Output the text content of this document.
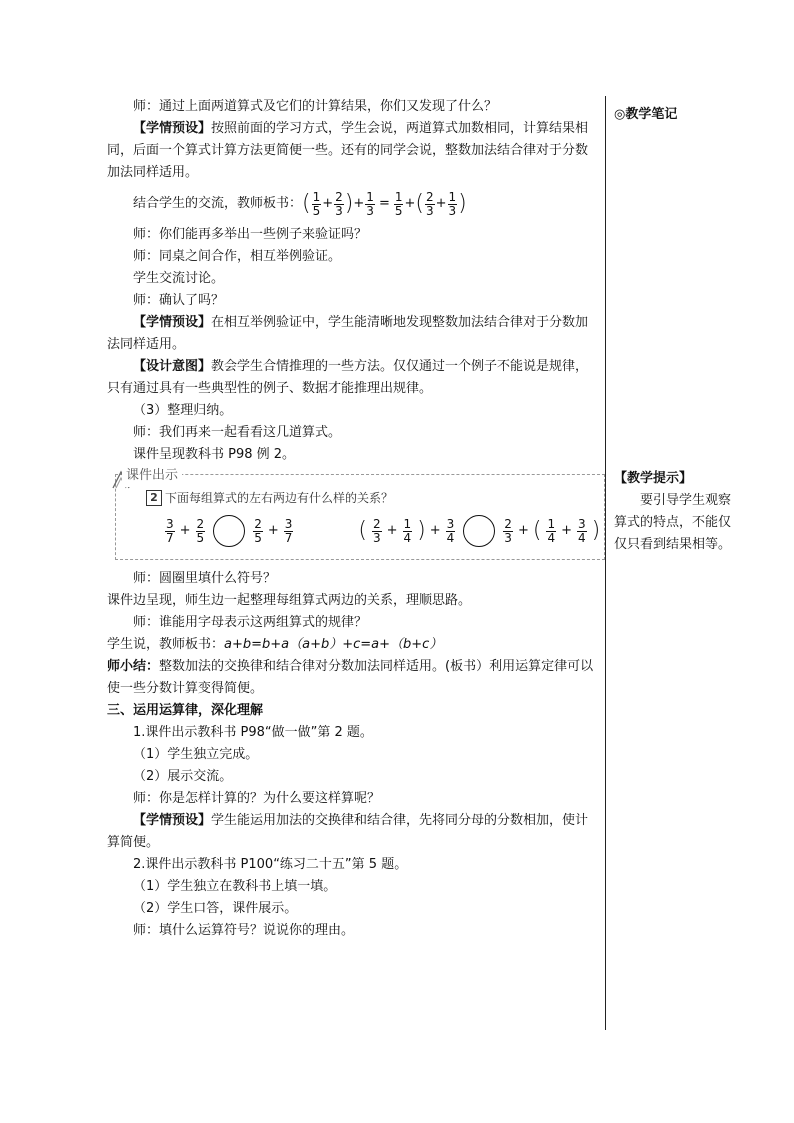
师：通过上面两道算式及它们的计算结果，你们又发现了什么？

【学情预设】按照前面的学习方式，学生会说，两道算式加数相同，计算结果相同，后面一个算式计算方法更简便一些。还有的同学会说，整数加法结合律对于分数加法同样适用。

结合学生的交流，教师板书： ( $\frac{1}{5} + \frac{2}{3}$ ) + $\frac{1}{3} = \frac{1}{5}$ + ( $\frac{2}{3} + \frac{1}{3}$ )

师：你们能再多举出一些例子来验证吗？

师：同桌之间合作，相互举例验证。

学生交流讨论。

师：确认了吗？

【学情预设】在相互举例验证中，学生能清晰地发现整数加法结合律对于分数加法同样适用。

【设计意图】教会学生合情推理的一些方法。仅仅通过一个例子不能说是规律，只有通过具有一些典型性的例子、数据才能推理出规律。

（3）整理归纳。

师：我们再来一起看看这几道算式。

课件呈现教科书 P98 例 2。

课件出示
2 下面每组算式的左右两边有什么样的关系？
$\frac{3}{7} + \frac{2}{5}$	$\frac{2}{5} + \frac{3}{7}$	( $\frac{2}{3} + \frac{1}{4}$ ) + $\frac{3}{4}$	$\frac{2}{3}$ + ( $\frac{1}{4} + \frac{3}{4}$ )

师：圆圈里填什么符号？

课件边呈现，师生边一起整理每组算式两边的关系，理顺思路。

师：谁能用字母表示这两组算式的规律？

学生说，教师板书：a+b=b+a（a+b）+c=a+（b+c）

师小结：整数加法的交换律和结合律对分数加法同样适用。(板书）利用运算定律可以使一些分数计算变得简便。

三、运用运算律，深化理解

1.课件出示教科书 P98“做一做”第 2 题。

（1）学生独立完成。

（2）展示交流。

师：你是怎样计算的？为什么要这样算呢？

【学情预设】学生能运用加法的交换律和结合律，先将同分母的分数相加，使计算简便。

2.课件出示教科书 P100“练习二十五”第 5 题。

（1）学生独立在教科书上填一填。

（2）学生口答，课件展示。

师：填什么运算符号？说说你的理由。

◎教学笔记
【教学提示】
要引导学生观察算式的特点，不能仅仅只看到结果相等。
